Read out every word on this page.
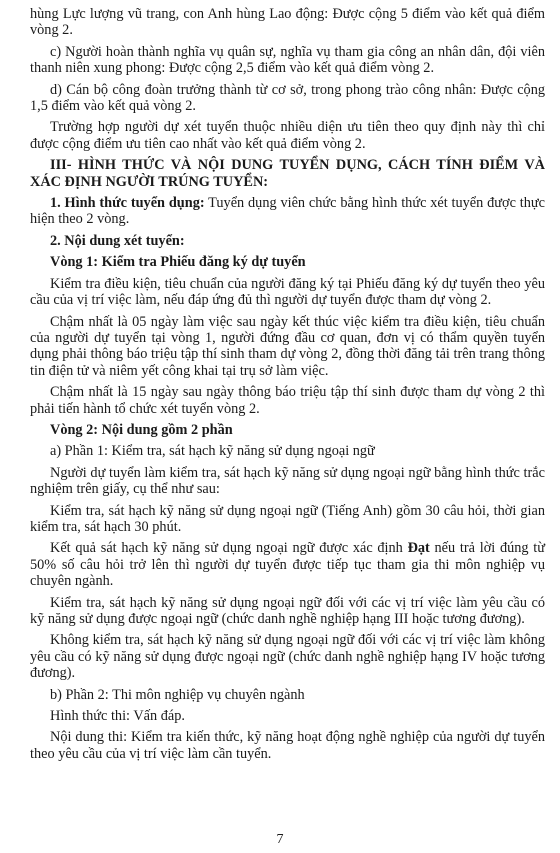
hùng Lực lượng vũ trang, con Anh hùng Lao động: Được cộng 5 điểm vào kết quả điểm vòng 2.

c) Người hoàn thành nghĩa vụ quân sự, nghĩa vụ tham gia công an nhân dân, đội viên thanh niên xung phong: Được cộng 2,5 điểm vào kết quả điểm vòng 2.

d) Cán bộ công đoàn trưởng thành từ cơ sở, trong phong trào công nhân: Được cộng 1,5 điểm vào kết quả vòng 2.

Trường hợp người dự xét tuyển thuộc nhiều diện ưu tiên theo quy định này thì chỉ được cộng điểm ưu tiên cao nhất vào kết quả điểm vòng 2.

III- HÌNH THỨC VÀ NỘI DUNG TUYỂN DỤNG, CÁCH TÍNH ĐIỂM VÀ XÁC ĐỊNH NGƯỜI TRÚNG TUYỂN:

1. Hình thức tuyển dụng: Tuyển dụng viên chức bằng hình thức xét tuyển được thực hiện theo 2 vòng.

2. Nội dung xét tuyển:

Vòng 1: Kiểm tra Phiếu đăng ký dự tuyển

Kiểm tra điều kiện, tiêu chuẩn của người đăng ký tại Phiếu đăng ký dự tuyển theo yêu cầu của vị trí việc làm, nếu đáp ứng đủ thì người dự tuyển được tham dự vòng 2.

Chậm nhất là 05 ngày làm việc sau ngày kết thúc việc kiểm tra điều kiện, tiêu chuẩn của người dự tuyển tại vòng 1, người đứng đầu cơ quan, đơn vị có thẩm quyền tuyển dụng phải thông báo triệu tập thí sinh tham dự vòng 2, đồng thời đăng tải trên trang thông tin điện tử và niêm yết công khai tại trụ sở làm việc.

Chậm nhất là 15 ngày sau ngày thông báo triệu tập thí sinh được tham dự vòng 2 thì phải tiến hành tổ chức xét tuyển vòng 2.

Vòng 2: Nội dung gồm 2 phần

a) Phần 1: Kiểm tra, sát hạch kỹ năng sử dụng ngoại ngữ

Người dự tuyển làm kiểm tra, sát hạch kỹ năng sử dụng ngoại ngữ bằng hình thức trắc nghiệm trên giấy, cụ thể như sau:

Kiểm tra, sát hạch kỹ năng sử dụng ngoại ngữ (Tiếng Anh) gồm 30 câu hỏi, thời gian kiểm tra, sát hạch 30 phút.

Kết quả sát hạch kỹ năng sử dụng ngoại ngữ được xác định Đạt nếu trả lời đúng từ 50% số câu hỏi trở lên thì người dự tuyển được tiếp tục tham gia thi môn nghiệp vụ chuyên ngành.

Kiểm tra, sát hạch kỹ năng sử dụng ngoại ngữ đối với các vị trí việc làm yêu cầu có kỹ năng sử dụng được ngoại ngữ (chức danh nghề nghiệp hạng III hoặc tương đương).

Không kiểm tra, sát hạch kỹ năng sử dụng ngoại ngữ đối với các vị trí việc làm không yêu cầu có kỹ năng sử dụng được ngoại ngữ (chức danh nghề nghiệp hạng IV hoặc tương đương).

b) Phần 2: Thi môn nghiệp vụ chuyên ngành

Hình thức thi: Vấn đáp.

Nội dung thi: Kiểm tra kiến thức, kỹ năng hoạt động nghề nghiệp của người dự tuyển theo yêu cầu của vị trí việc làm cần tuyển.

7
